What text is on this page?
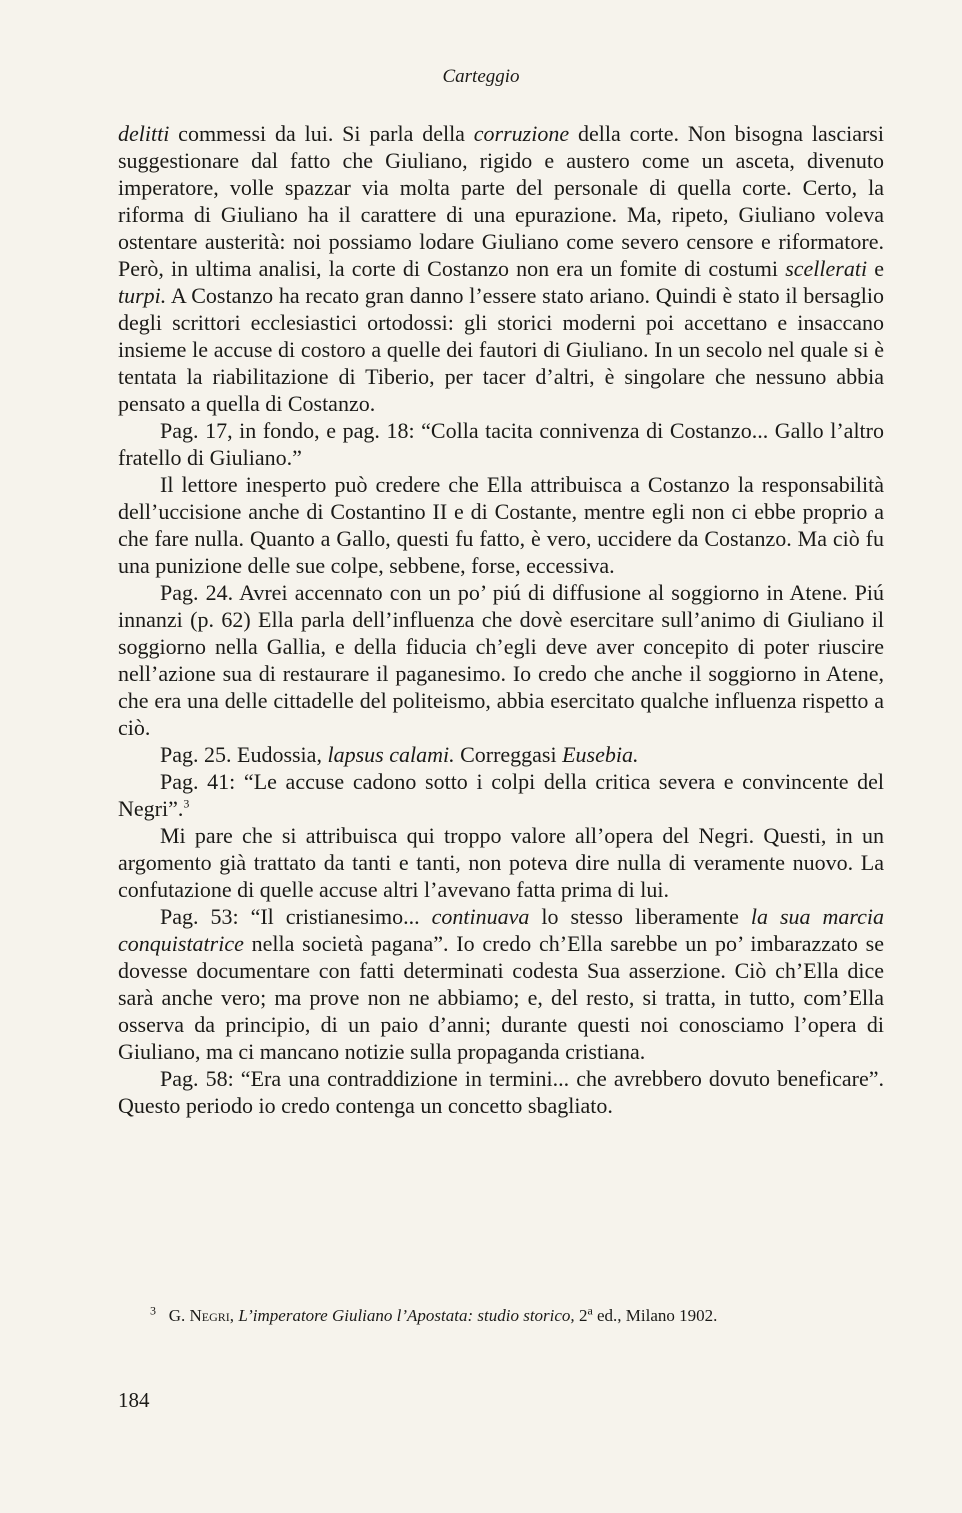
Carteggio

delitti commessi da lui. Si parla della corruzione della corte. Non bisogna lasciarsi suggestionare dal fatto che Giuliano, rigido e austero come un asceta, divenuto imperatore, volle spazzar via molta parte del personale di quella corte. Certo, la riforma di Giuliano ha il carattere di una epurazione. Ma, ripeto, Giuliano voleva ostentare austerità: noi possiamo lodare Giuliano come severo censore e riformatore. Però, in ultima analisi, la corte di Costanzo non era un fomite di costumi scellerati e turpi. A Costanzo ha recato gran danno l’essere stato ariano. Quindi è stato il bersaglio degli scrittori ecclesiastici ortodossi: gli storici moderni poi accettano e insaccano insieme le accuse di costoro a quelle dei fautori di Giuliano. In un secolo nel quale si è tentata la riabilitazione di Tiberio, per tacer d’altri, è singolare che nessuno abbia pensato a quella di Costanzo.

Pag. 17, in fondo, e pag. 18: “Colla tacita connivenza di Costanzo... Gallo l’altro fratello di Giuliano.”

Il lettore inesperto può credere che Ella attribuisca a Costanzo la responsabilità dell’uccisione anche di Costantino II e di Costante, mentre egli non ci ebbe proprio a che fare nulla. Quanto a Gallo, questi fu fatto, è vero, uccidere da Costanzo. Ma ciò fu una punizione delle sue colpe, sebbene, forse, eccessiva.

Pag. 24. Avrei accennato con un po’ piú di diffusione al soggiorno in Atene. Piú innanzi (p. 62) Ella parla dell’influenza che dovè esercitare sull’animo di Giuliano il soggiorno nella Gallia, e della fiducia ch’egli deve aver concepito di poter riuscire nell’azione sua di restaurare il paganesimo. Io credo che anche il soggiorno in Atene, che era una delle cittadelle del politeismo, abbia esercitato qualche influenza rispetto a ciò.

Pag. 25. Eudossia, lapsus calami. Correggasi Eusebia.

Pag. 41: “Le accuse cadono sotto i colpi della critica severa e convincente del Negri”.$^3$

Mi pare che si attribuisca qui troppo valore all’opera del Negri. Questi, in un argomento già trattato da tanti e tanti, non poteva dire nulla di veramente nuovo. La confutazione di quelle accuse altri l’avevano fatta prima di lui.

Pag. 53: “Il cristianesimo... continuava lo stesso liberamente la sua marcia conquistatrice nella società pagana”. Io credo ch’Ella sarebbe un po’ imbarazzato se dovesse documentare con fatti determinati codesta Sua asserzione. Ciò ch’Ella dice sarà anche vero; ma prove non ne abbiamo; e, del resto, si tratta, in tutto, com’Ella osserva da principio, di un paio d’anni; durante questi noi conosciamo l’opera di Giuliano, ma ci mancano notizie sulla propaganda cristiana.

Pag. 58: “Era una contraddizione in termini... che avrebbero dovuto beneficare”. Questo periodo io credo contenga un concetto sbagliato.

$^3$ G. Negri, L’imperatore Giuliano l’Apostata: studio storico, 2$^a$ ed., Milano 1902.
184
